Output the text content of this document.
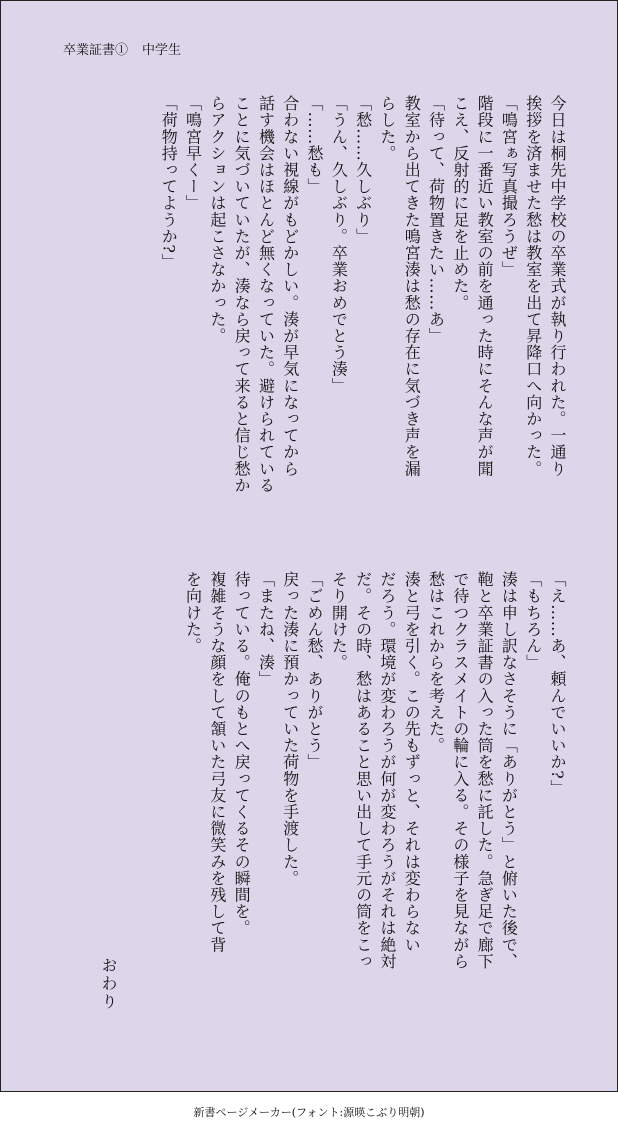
卒業証書① 中学生
今日は桐先中学校の卒業式が執り行われた。一通り
挨拶を済ませた愁は教室を出て昇降口へ向かった。
「鳴宮ぁ写真撮ろうぜ」
階段に一番近い教室の前を通った時にそんな声が聞
こえ、反射的に足を止めた。
「待って、荷物置きたい……あ」
教室から出てきた鳴宮湊は愁の存在に気づき声を漏
らした。
「愁……久しぶり」
「うん、久しぶり。卒業おめでとう湊」
「……愁も」
合わない視線がもどかしい。湊が早気になってから
話す機会はほとんど無くなっていた。避けられている
ことに気づいていたが、湊なら戻って来ると信じ愁か
らアクションは起こさなかった。
「鳴宮早くー」
「荷物持ってようか?」
「え……あ、頼んでいいか?」
「もちろん」
湊は申し訳なさそうに「ありがとう」と俯いた後で、
鞄と卒業証書の入った筒を愁に託した。急ぎ足で廊下
で待つクラスメイトの輪に入る。その様子を見ながら
愁はこれからを考えた。
湊と弓を引く。この先もずっと、それは変わらない
だろう。環境が変わろうが何が変わろうがそれは絶対
だ。その時、愁はあること思い出して手元の筒をこっ
そり開けた。
「ごめん愁、ありがとう」
戻った湊に預かっていた荷物を手渡した。
「またね、湊」
待っている。俺のもとへ戻ってくるその瞬間を。
複雑そうな顔をして頷いた弓友に微笑みを残して背
を向けた。
おわり
新書ページメーカー(フォント:源暎こぶり明朝)
